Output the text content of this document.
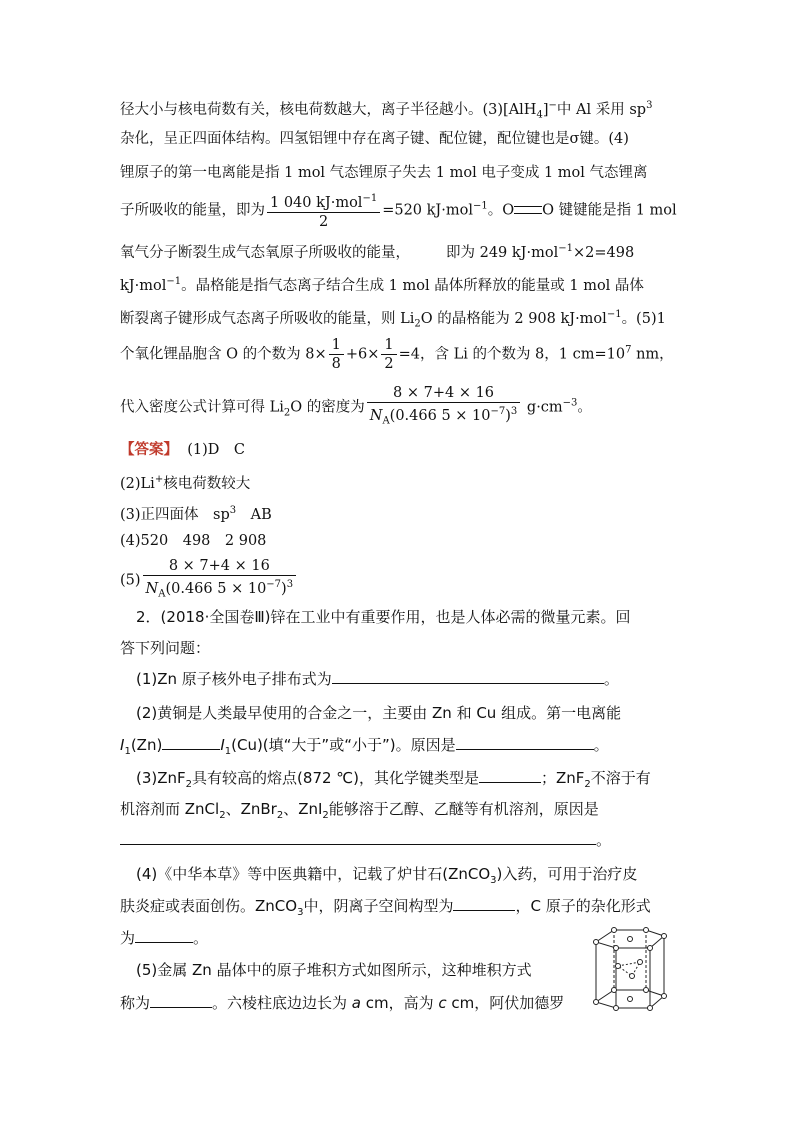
径大小与核电荷数有关，核电荷数越大，离子半径越小。(3)[AlH$_4$]−中 Al 采用 $sp^3$
杂化，呈正四面体结构。四氢铝锂中存在离子键、配位键，配位键也是σ键。(4)
锂原子的第一电离能是指 1 mol 气态锂原子失去 1 mol 电子变成 1 mol 气态锂离
子所吸收的能量，即为 $\frac{1 040 kJ\cdot mol^{-1}}{2} =520$ kJ·mol$^{-1}$。O O 键键能是指 1 mol
氧气分子断裂生成气态氧原子所吸收的能量， 即为 249 kJ·mol$^{-1}$×2=498
kJ·mol$^{-1}$。晶格能是指气态离子结合生成 1 mol 晶体所释放的能量或 1 mol 晶体
断裂离子键形成气态离子所吸收的能量，则 $Li_2O$ 的晶格能为 2 908 kJ·mol$^{-1}$。(5)1
个氧化锂晶胞含 O 的个数为 $8\times \frac{1}{8} +6\times \frac{1}{2} =4$，含 Li 的个数为 8，1 $cm=10^7$ nm，
代入密度公式计算可得 $Li_2O$ 的密度为 $\frac{8 \times 7+4 \times 16}{N_A(0.466 5 \times 10^{-7})^3} g\cdot cm^{-3}$。
【答案】 (1)D　C
(2)Li+核电荷数较大
(3)正四面体　$sp^3$　AB
(4)520　498　2 908
$(5) \frac{8 \times 7+4 \times 16}{N_A(0.466 5 \times 10^{-7})^3}$
2．(2018·全国卷Ⅲ)锌在工业中有重要作用，也是人体必需的微量元素。回
答下列问题：
(1)Zn 原子核外电子排布式为	。
(2)黄铜是人类最早使用的合金之一，主要由 Zn 和 Cu 组成。第一电离能
$I_1(Zn)$	$I_1(Cu)$(填“大于”或“小于”)。原因是	。
(3)ZnF$_2$具有较高的熔点(872 ℃)，其化学键类型是	；ZnF$_2$不溶于有
机溶剂而 ZnCl$_2$、ZnBr$_2$、ZnI$_2$能够溶于乙醇、乙醚等有机溶剂，原因是
。
(4)《中华本草》等中医典籍中，记载了炉甘石(ZnCO$_3$)入药，可用于治疗皮
肤炎症或表面创伤。ZnCO$_3$中，阴离子空间构型为	，C 原子的杂化形式
为	。
(5)金属 Zn 晶体中的原子堆积方式如图所示，这种堆积方式
称为	。六棱柱底边边长为 a cm，高为 c cm，阿伏加德罗
